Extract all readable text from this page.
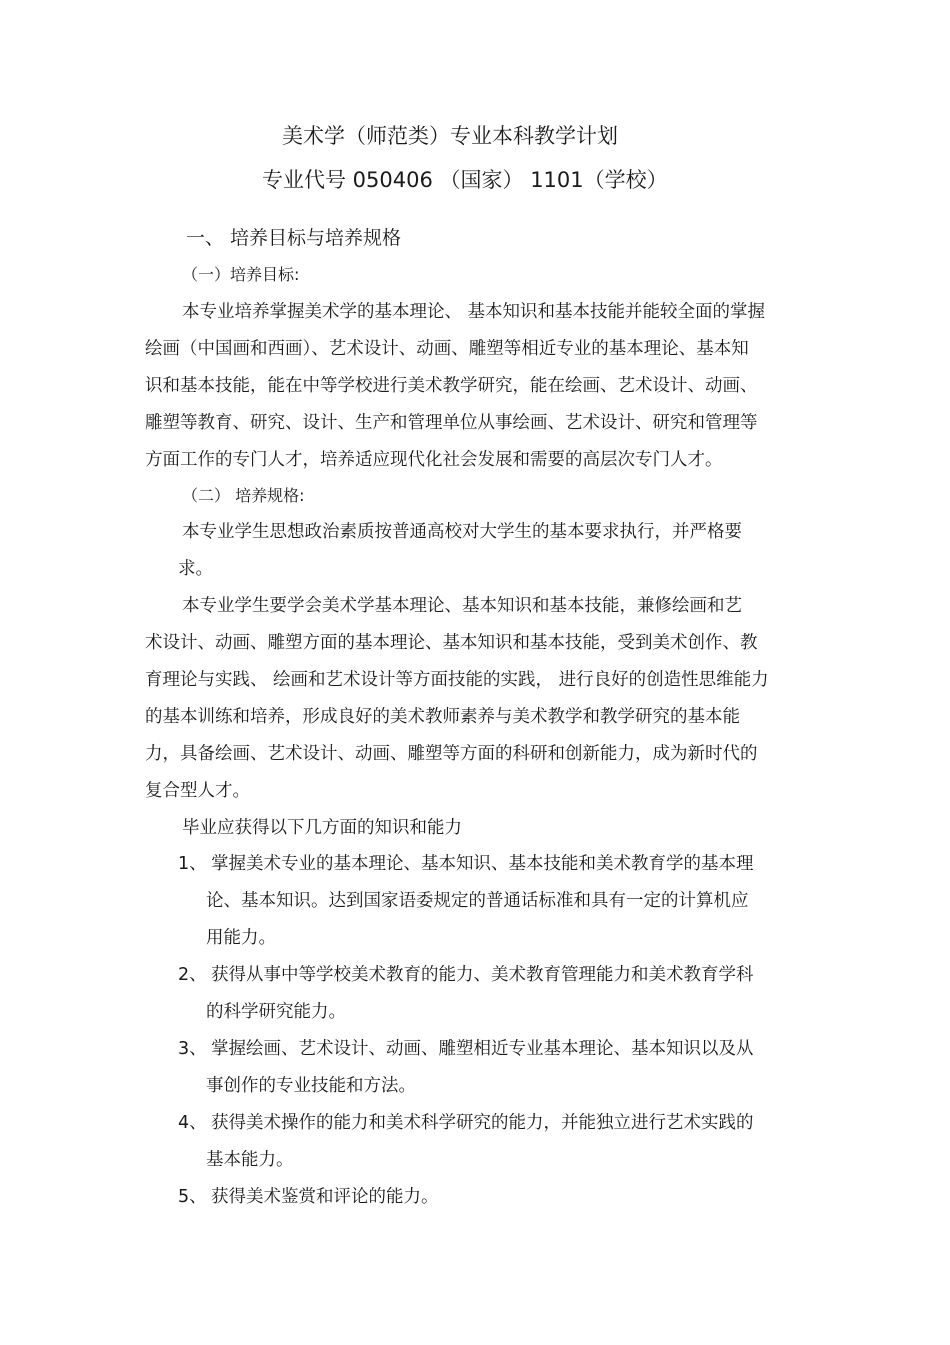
美术学（师范类）专业本科教学计划
专业代号 050406 （国家） 1101（学校）
一、 培养目标与培养规格
（一）培养目标:
本专业培养掌握美术学的基本理论、 基本知识和基本技能并能较全面的掌握
绘画（中国画和西画）、艺术设计、动画、雕塑等相近专业的基本理论、基本知
识和基本技能，能在中等学校进行美术教学研究，能在绘画、艺术设计、动画、
雕塑等教育、研究、设计、生产和管理单位从事绘画、艺术设计、研究和管理等
方面工作的专门人才，培养适应现代化社会发展和需要的高层次专门人才。
（二） 培养规格:
本专业学生思想政治素质按普通高校对大学生的基本要求执行，并严格要
求。
本专业学生要学会美术学基本理论、基本知识和基本技能，兼修绘画和艺
术设计、动画、雕塑方面的基本理论、基本知识和基本技能，受到美术创作、教
育理论与实践、 绘画和艺术设计等方面技能的实践， 进行良好的创造性思维能力
的基本训练和培养，形成良好的美术教师素养与美术教学和教学研究的基本能
力，具备绘画、艺术设计、动画、雕塑等方面的科研和创新能力，成为新时代的
复合型人才。
毕业应获得以下几方面的知识和能力
1、 掌握美术专业的基本理论、基本知识、基本技能和美术教育学的基本理
论、基本知识。达到国家语委规定的普通话标准和具有一定的计算机应
用能力。
2、 获得从事中等学校美术教育的能力、美术教育管理能力和美术教育学科
的科学研究能力。
3、 掌握绘画、艺术设计、动画、雕塑相近专业基本理论、基本知识以及从
事创作的专业技能和方法。
4、 获得美术操作的能力和美术科学研究的能力，并能独立进行艺术实践的
基本能力。
5、 获得美术鉴赏和评论的能力。
